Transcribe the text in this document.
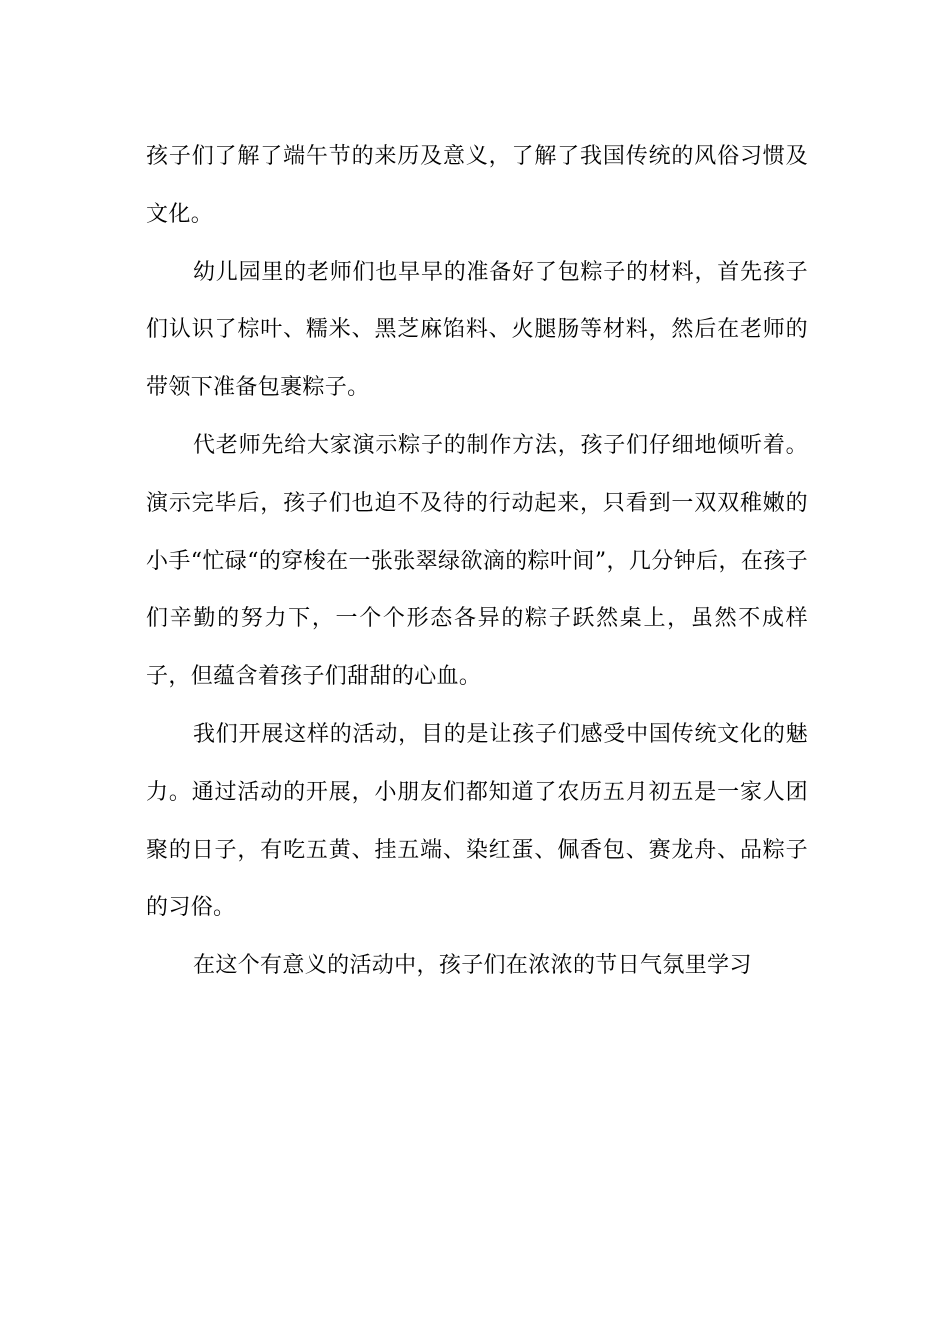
孩子们了解了端午节的来历及意义，了解了我国传统的风俗习惯及文化。

幼儿园里的老师们也早早的准备好了包粽子的材料，首先孩子们认识了棕叶、糯米、黑芝麻馅料、火腿肠等材料，然后在老师的带领下准备包裹粽子。

代老师先给大家演示粽子的制作方法，孩子们仔细地倾听着。演示完毕后，孩子们也迫不及待的行动起来，只看到一双双稚嫩的小手“忙碌“的穿梭在一张张翠绿欲滴的粽叶间”，几分钟后，在孩子们辛勤的努力下，一个个形态各异的粽子跃然桌上，虽然不成样子，但蕴含着孩子们甜甜的心血。

我们开展这样的活动，目的是让孩子们感受中国传统文化的魅力。通过活动的开展，小朋友们都知道了农历五月初五是一家人团聚的日子，有吃五黄、挂五端、染红蛋、佩香包、赛龙舟、品粽子的习俗。

在这个有意义的活动中，孩子们在浓浓的节日气氛里学习
